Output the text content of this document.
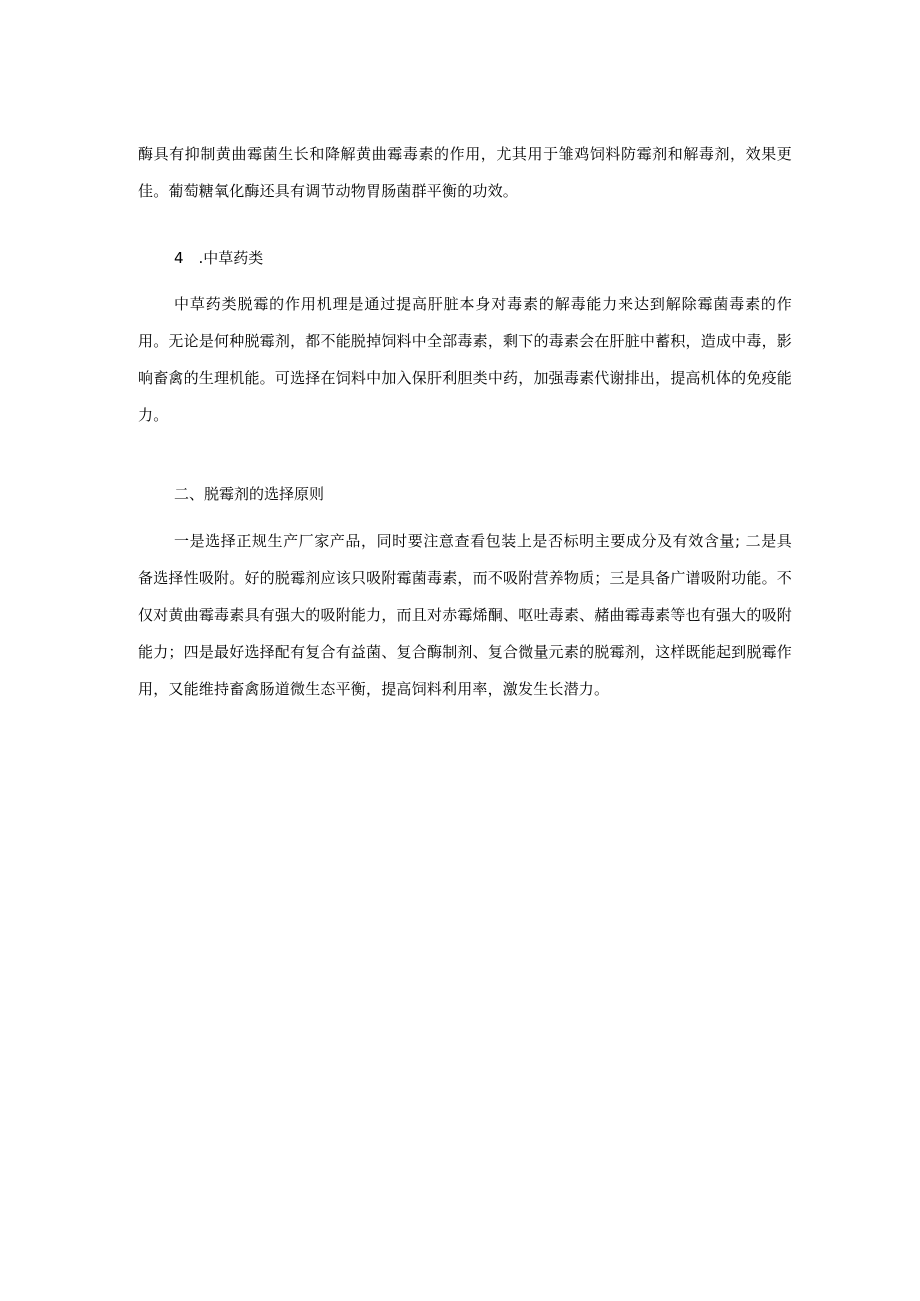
酶具有抑制黄曲霉菌生长和降解黄曲霉毒素的作用，尤其用于雏鸡饲料防霉剂和解毒剂，效果更佳。葡萄糖氧化酶还具有调节动物胃肠菌群平衡的功效。

4　.中草药类

中草药类脱霉的作用机理是通过提高肝脏本身对毒素的解毒能力来达到解除霉菌毒素的作用。无论是何种脱霉剂，都不能脱掉饲料中全部毒素，剩下的毒素会在肝脏中蓄积，造成中毒，影响畜禽的生理机能。可选择在饲料中加入保肝利胆类中药，加强毒素代谢排出，提高机体的免疫能力。

二、脱霉剂的选择原则

一是选择正规生产厂家产品，同时要注意查看包装上是否标明主要成分及有效含量; 二是具备选择性吸附。好的脱霉剂应该只吸附霉菌毒素，而不吸附营养物质；三是具备广谱吸附功能。不仅对黄曲霉毒素具有强大的吸附能力，而且对赤霉烯酮、呕吐毒素、赭曲霉毒素等也有强大的吸附能力；四是最好选择配有复合有益菌、复合酶制剂、复合微量元素的脱霉剂，这样既能起到脱霉作用，又能维持畜禽肠道微生态平衡，提高饲料利用率，激发生长潜力。
